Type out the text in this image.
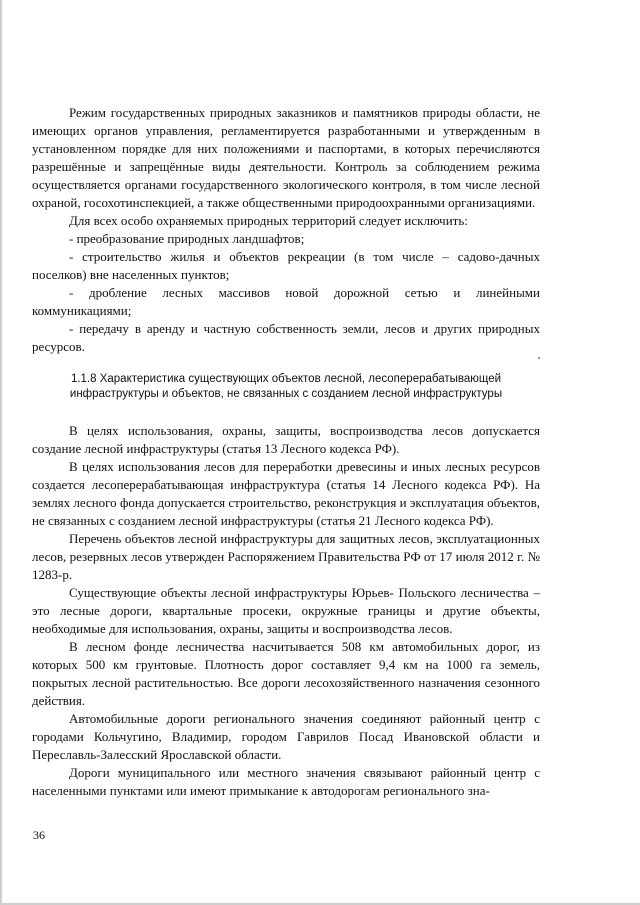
Режим государственных природных заказников и памятников природы области, не имеющих органов управления, регламентируется разработанными и утвержденным в установленном порядке для них положениями и паспортами, в которых перечисляются разрешённые и запрещённые виды деятельности. Контроль за соблюдением режима осуществляется органами государственного экологического контроля, в том числе лесной охраной, госохотинспекцией, а также общественными природоохранными организациями.

Для всех особо охраняемых природных территорий следует исключить:

- преобразование природных ландшафтов;

- строительство жилья и объектов рекреации (в том числе – садово-дачных поселков) вне населенных пунктов;

- дробление лесных массивов новой дорожной сетью и линейными коммуникациями;

- передачу в аренду и частную собственность земли, лесов и других природных ресурсов.

1.1.8 Характеристика существующих объектов лесной, лесоперерабатывающей инфраструктуры и объектов, не связанных с созданием лесной инфраструктуры

В целях использования, охраны, защиты, воспроизводства лесов допускается создание лесной инфраструктуры (статья 13 Лесного кодекса РФ).

В целях использования лесов для переработки древесины и иных лесных ресурсов создается лесоперерабатывающая инфраструктура (статья 14 Лесного кодекса РФ). На землях лесного фонда допускается строительство, реконструкция и эксплуатация объектов, не связанных с созданием лесной инфраструктуры (статья 21 Лесного кодекса РФ).

Перечень объектов лесной инфраструктуры для защитных лесов, эксплуатационных лесов, резервных лесов утвержден Распоряжением Правительства РФ от 17 июля 2012 г. № 1283-р.

Существующие объекты лесной инфраструктуры Юрьев- Польского лесничества – это лесные дороги, квартальные просеки, окружные границы и другие объекты, необходимые для использования, охраны, защиты и воспроизводства лесов.

В лесном фонде лесничества насчитывается 508 км автомобильных дорог, из которых 500 км грунтовые. Плотность дорог составляет 9,4 км на 1000 га земель, покрытых лесной растительностью. Все дороги лесохозяйственного назначения сезонного действия.

Автомобильные дороги регионального значения соединяют районный центр с городами Кольчугино, Владимир, городом Гаврилов Посад Ивановской области и Переславль-Залесский Ярославской области.

Дороги муниципального или местного значения связывают районный центр с населенными пунктами или имеют примыкание к автодорогам регионального зна-

36
